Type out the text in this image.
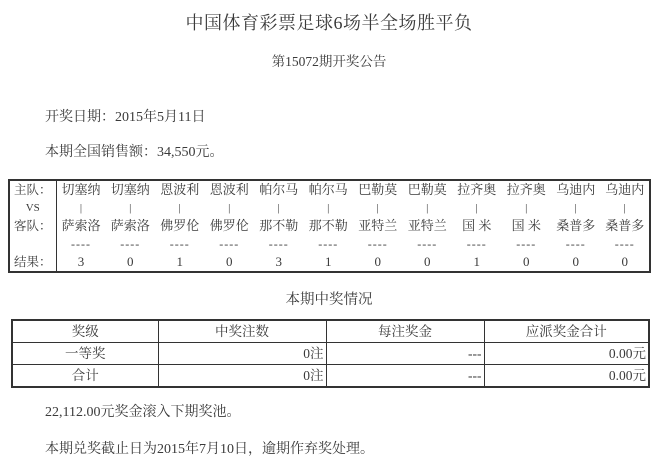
中国体育彩票足球6场半全场胜平负
第15072期开奖公告
开奖日期：2015年5月11日
本期全国销售额：34,550元。
主队：	切塞纳	切塞纳	恩波利	恩波利	帕尔马	帕尔马	巴勒莫	巴勒莫	拉齐奥	拉齐奥	乌迪内	乌迪内
VS	|	|	|	|	|	|	|	|	|	|	|	|
客队：	萨索洛	萨索洛	佛罗伦	佛罗伦	那不勒	那不勒	亚特兰	亚特兰	国 米	国 米	桑普多	桑普多
	----	----	----	----	----	----	----	----	----	----	----	----
结果：	3	0	1	0	3	1	0	0	1	0	0	0
本期中奖情况
奖级	中奖注数	每注奖金	应派奖金合计
一等奖	0注	---	0.00元
合计	0注	---	0.00元
22,112.00元奖金滚入下期奖池。
本期兑奖截止日为2015年7月10日，逾期作弃奖处理。
